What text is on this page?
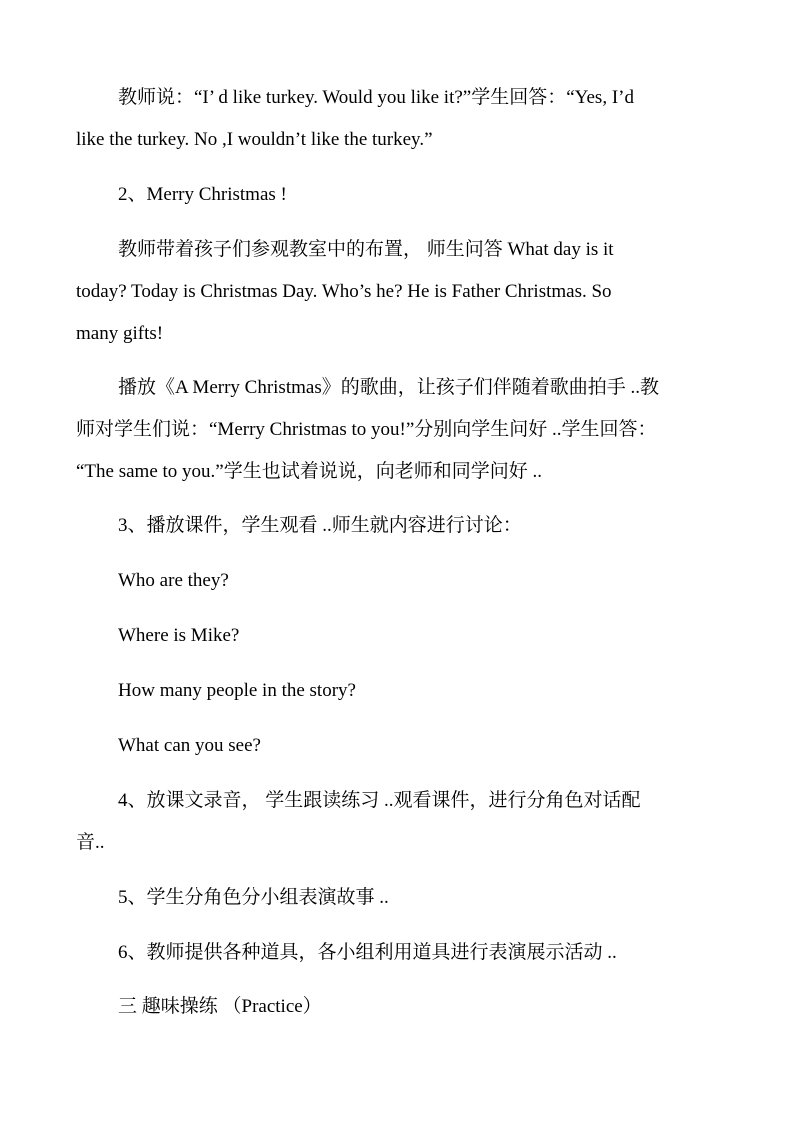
教师说：“I’ d like turkey. Would you like it?”学生回答：“Yes, I’d
like the turkey. No ,I wouldn’t like the turkey.”
2、Merry Christmas !
教师带着孩子们参观教室中的布置， 师生问答 What day is it
today? Today is Christmas Day. Who’s he? He is Father Christmas. So
many gifts!
播放《A Merry Christmas》的歌曲，让孩子们伴随着歌曲拍手 ..教
师对学生们说：“Merry Christmas to you!”分别向学生问好 ..学生回答：
“The same to you.”学生也试着说说，向老师和同学问好 ..
3、播放课件，学生观看 ..师生就内容进行讨论：
Who are they?
Where is Mike?
How many people in the story?
What can you see?
4、放课文录音， 学生跟读练习 ..观看课件，进行分角色对话配
音..
5、学生分角色分小组表演故事 ..
6、教师提供各种道具，各小组利用道具进行表演展示活动 ..
三 趣味操练 （Practice）
